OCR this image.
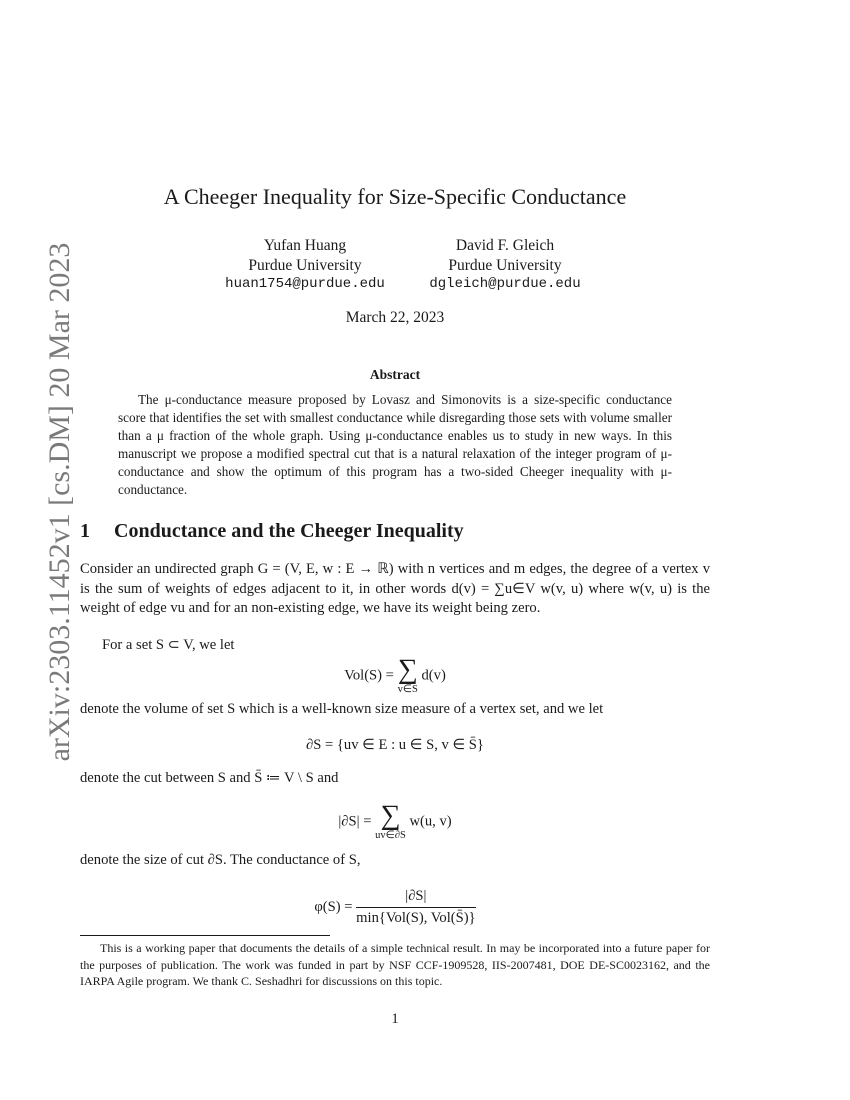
arXiv:2303.11452v1 [cs.DM] 20 Mar 2023
A Cheeger Inequality for Size-Specific Conductance
Yufan Huang
Purdue University
huan1754@purdue.edu
David F. Gleich
Purdue University
dgleich@purdue.edu
March 22, 2023
Abstract
The μ-conductance measure proposed by Lovasz and Simonovits is a size-specific conductance score that identifies the set with smallest conductance while disregarding those sets with volume smaller than a μ fraction of the whole graph. Using μ-conductance enables us to study in new ways. In this manuscript we propose a modified spectral cut that is a natural relaxation of the integer program of μ-conductance and show the optimum of this program has a two-sided Cheeger inequality with μ-conductance.
1 Conductance and the Cheeger Inequality
Consider an undirected graph G = (V, E, w : E → ℝ) with n vertices and m edges, the degree of a vertex v is the sum of weights of edges adjacent to it, in other words d(v) = ∑u∈V w(v, u) where w(v, u) is the weight of edge vu and for an non-existing edge, we have its weight being zero.
For a set S ⊂ V, we let
Vol(S) = ∑
v∈S
d(v)
denote the volume of set S which is a well-known size measure of a vertex set, and we let
∂S = {uv ∈ E : u ∈ S, v ∈ S̄}
denote the cut between S and S̄ ≔ V \ S and
|∂S| = ∑
uv∈∂S
w(u, v)
denote the size of cut ∂S. The conductance of S,
$\varphi(S) = \frac{|\partial S|}{\text{min\{Vol(S), Vol(S̄)\}}}$
This is a working paper that documents the details of a simple technical result. In may be incorporated into a future paper for the purposes of publication. The work was funded in part by NSF CCF-1909528, IIS-2007481, DOE DE-SC0023162, and the IARPA Agile program. We thank C. Seshadhri for discussions on this topic.
1
